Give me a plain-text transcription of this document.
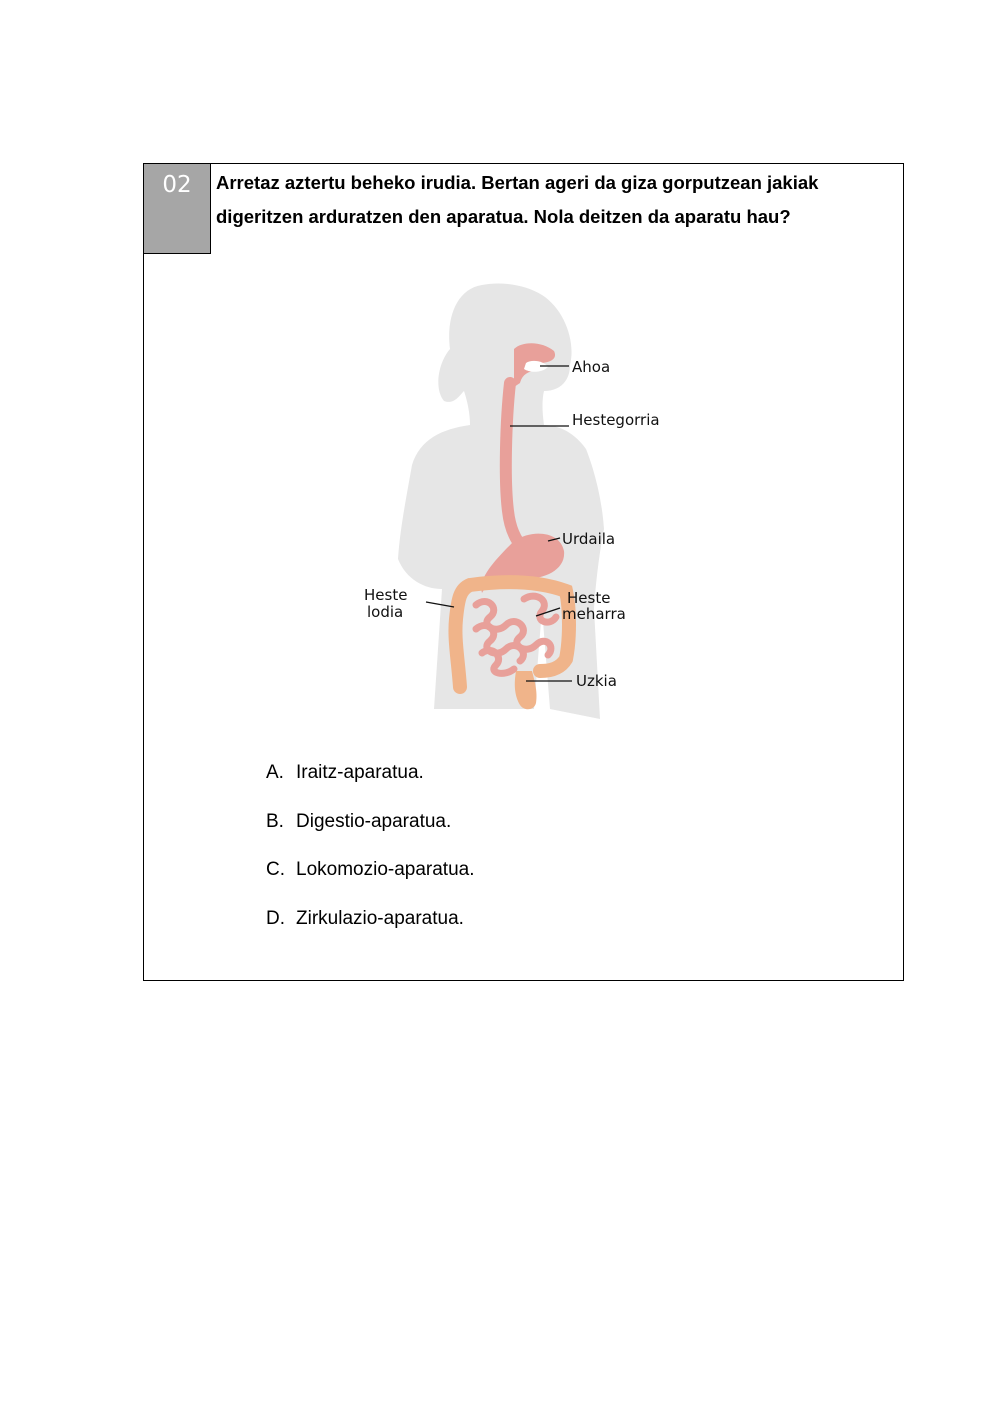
02	Arretaz aztertu beheko irudia. Bertan ageri da giza gorputzean jakiak
digeritzen arduratzen den aparatua. Nola deitzen da aparatu hau?
Ahoa
Hestegorria
Urdaila
Heste
lodia
Heste
meharra
Uzkia
A. Iraitz-aparatua.
B. Digestio-aparatua.
C. Lokomozio-aparatua.
D. Zirkulazio-aparatua.
